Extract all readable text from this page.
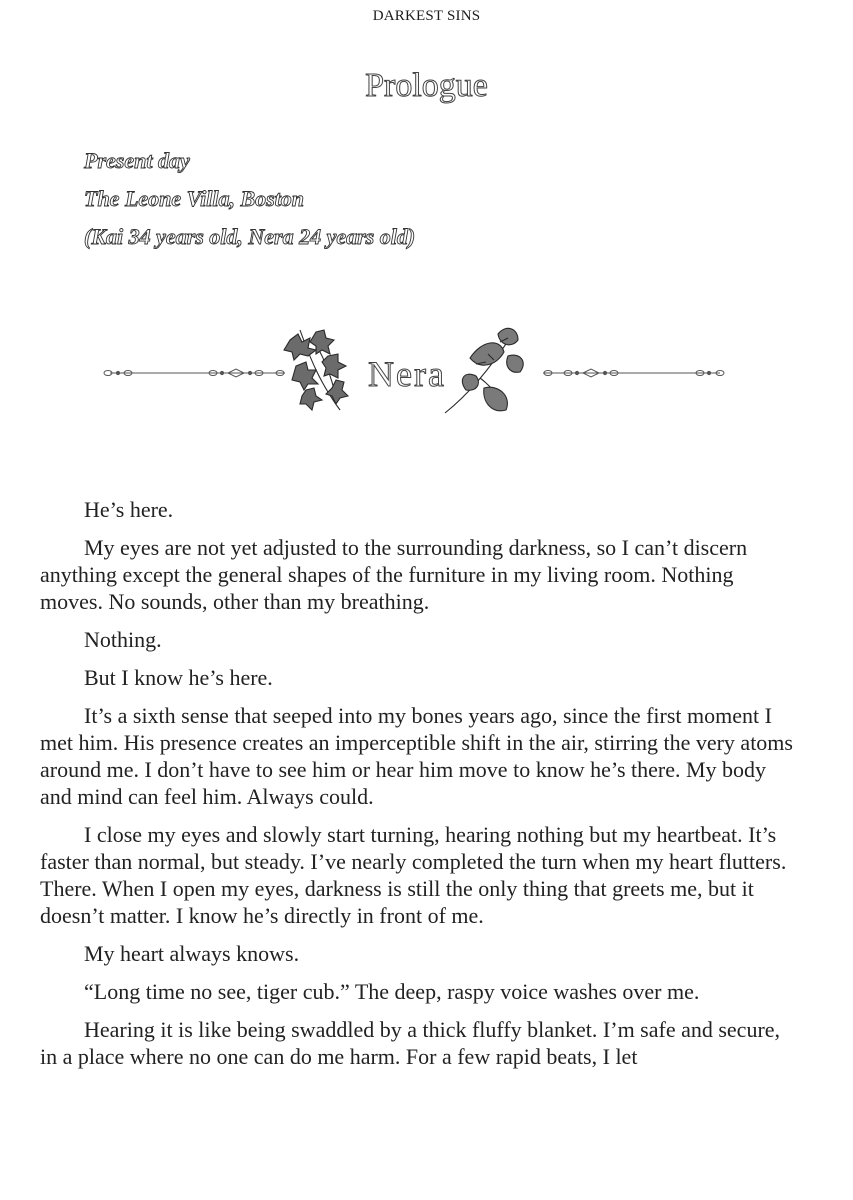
DARKEST SINS
Prologue
Present day
The Leone Villa, Boston
(Kai 34 years old, Nera 24 years old)
Nera

He’s here.

My eyes are not yet adjusted to the surrounding darkness, so I can’t discern anything except the general shapes of the furniture in my living room. Nothing moves. No sounds, other than my breathing.

Nothing.

But I know he’s here.

It’s a sixth sense that seeped into my bones years ago, since the first moment I met him. His presence creates an imperceptible shift in the air, stirring the very atoms around me. I don’t have to see him or hear him move to know he’s there. My body and mind can feel him. Always could.

I close my eyes and slowly start turning, hearing nothing but my heartbeat. It’s faster than normal, but steady. I’ve nearly completed the turn when my heart flutters. There. When I open my eyes, darkness is still the only thing that greets me, but it doesn’t matter. I know he’s directly in front of me.

My heart always knows.

“Long time no see, tiger cub.” The deep, raspy voice washes over me.

Hearing it is like being swaddled by a thick fluffy blanket. I’m safe and secure, in a place where no one can do me harm. For a few rapid beats, I let
